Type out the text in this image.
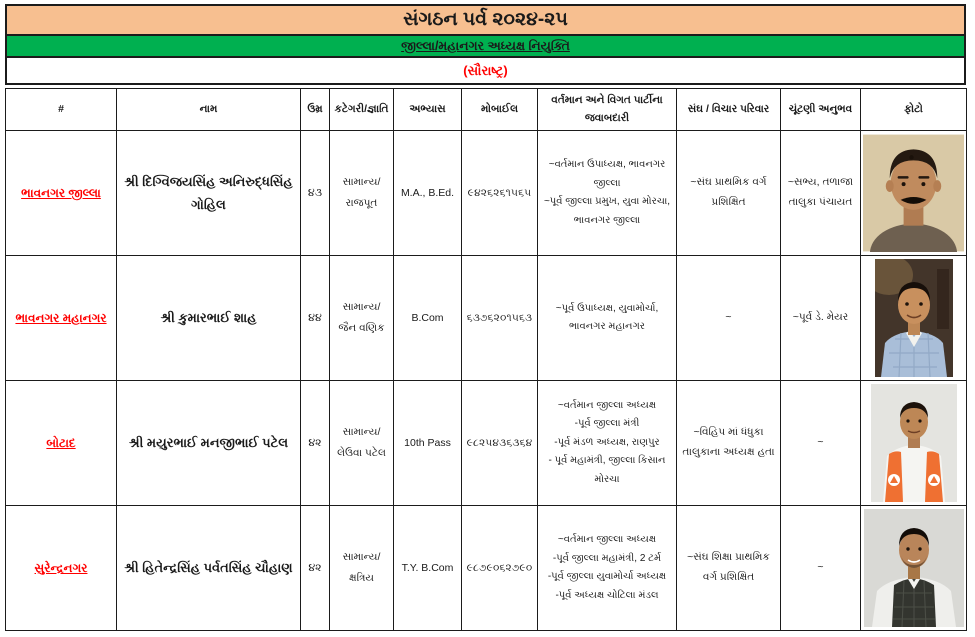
સંગઠન પર્વ ૨૦૨૪-૨૫
જીલ્લા/મહાનગર અધ્યક્ષ નિયુક્તિ
(સૌરાષ્ટ્ર)
#	નામ	ઉમ્ર	કટેગરી/જ્ઞાતિ	અભ્યાસ	મોબાઈલ	વર્તમાન અને વિગત પાર્ટીના જવાબદારી	સંઘ / વિચાર પરિવાર	ચૂંટણી અનુભવ	ફોટો
ભાવનગર જીલ્લા	શ્રી દિગ્વિજયસિંહ અનિરુદ્ધસિંહ ગોહિલ	૪૩	સામાન્ય/
રાજપૂત	M.A., B.Ed.	૯૪૨૬૨૬૧૫૬૫	~વર્તમાન ઉપાધ્યક્ષ, ભાવનગર જીલ્લા
~પૂર્વ જીલ્લા પ્રમુખ, યુવા મોરચા, ભાવનગર જીલ્લા	~સંઘ પ્રાથમિક વર્ગ પ્રશિક્ષિત	~સભ્ય, તળાજા તાલુકા પંચાયત	

ભાવનગર મહાનગર	શ્રી કુમારભાઈ શાહ	૪૪	સામાન્ય/
જૈન વણિક	B.Com	૬૩૭૬૨૦૧૫૬૩	~પૂર્વ ઉપાધ્યક્ષ, યુવામોર્ચા, ભાવનગર મહાનગર	~	~પૂર્વ ડે. મેયર	

બોટાદ	શ્રી મયુરભાઈ મનજીભાઈ પટેલ	૪૨	સામાન્ય/
લેઉવા પટેલ	10th Pass	૯૮૨૫૪૩૬૩૬૪	~વર્તમાન જીલ્લા અધ્યક્ષ
-પૂર્વ જીલ્લા મંત્રી
-પૂર્વ મંડળ અધ્યક્ષ, રાણપુર
- પૂર્વ મહામંત્રી, જીલ્લા કિસાન મોરચા	~વિહિપ માં ધંધુકા તાલુકાના અધ્યક્ષ હતા	~	

સુરેન્દ્રનગર	શ્રી હિતેન્દ્રસિંહ પર્વતસિંહ ચૌહાણ	૪૨	સામાન્ય/
ક્ષત્રિય	T.Y. B.Com	૯૮૭૯૦૬૨૭૯૦	~વર્તમાન જીલ્લા અધ્યક્ષ
-પૂર્વ જીલ્લા મહામંત્રી, 2 ટર્મ
-પૂર્વ જીલ્લા યુવામોર્ચા અધ્યક્ષ
-પૂર્વ અધ્યક્ષ ચોટિલા મંડલ	~સંઘ શિક્ષા પ્રાથમિક વર્ગ પ્રશિક્ષિત	~	
